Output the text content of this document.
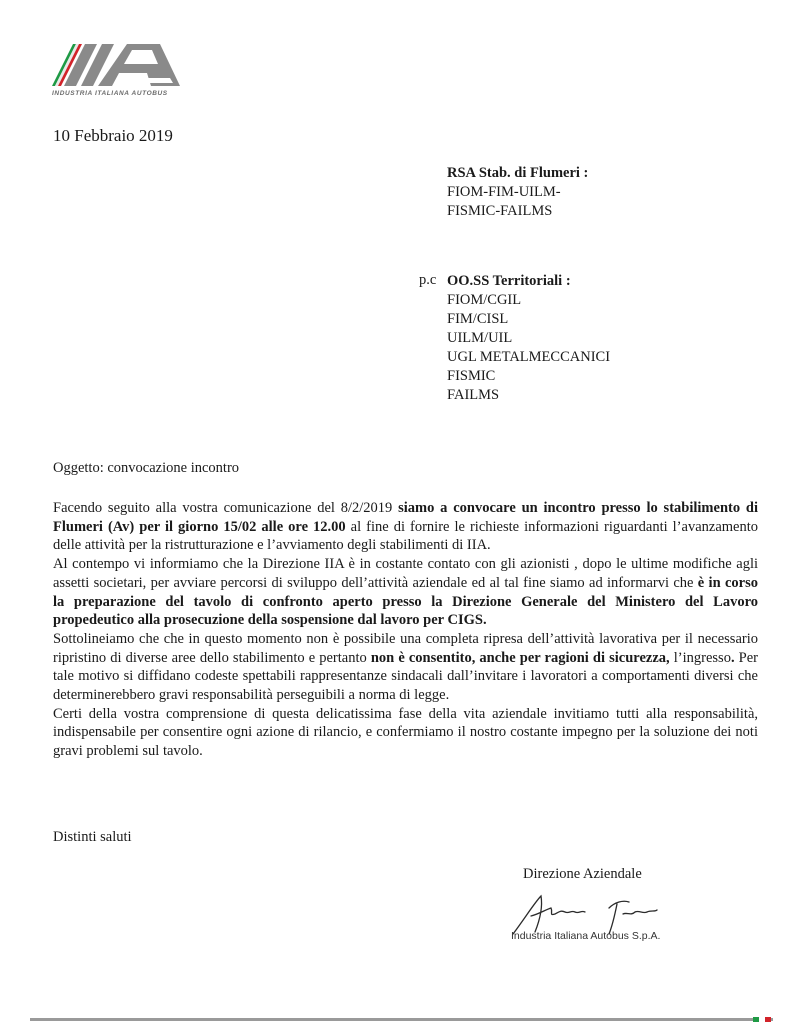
INDUSTRIA ITALIANA AUTOBUS
10 Febbraio 2019
RSA Stab. di Flumeri :
FIOM-FIM-UILM-
FISMIC-FAILMS
p.c OO.SS Territoriali :
FIOM/CGIL
FIM/CISL
UILM/UIL
UGL METALMECCANICI
FISMIC
FAILMS
Oggetto: convocazione incontro

Facendo seguito alla vostra comunicazione del 8/2/2019 siamo a convocare un incontro presso lo stabilimento di Flumeri (Av) per il giorno 15/02 alle ore 12.00 al fine di fornire le richieste informazioni riguardanti l’avanzamento delle attività per la ristrutturazione e l’avviamento degli stabilimenti di IIA.

Al contempo vi informiamo che la Direzione IIA è in costante contato con gli azionisti , dopo le ultime modifiche agli assetti societari, per avviare percorsi di sviluppo dell’attività aziendale ed al tal fine siamo ad informarvi che è in corso la preparazione del tavolo di confronto aperto presso la Direzione Generale del Ministero del Lavoro propedeutico alla prosecuzione della sospensione dal lavoro per CIGS.

Sottolineiamo che che in questo momento non è possibile una completa ripresa dell’attività lavorativa per il necessario ripristino di diverse aree dello stabilimento e pertanto non è consentito, anche per ragioni di sicurezza, l’ingresso. Per tale motivo si diffidano codeste spettabili rappresentanze sindacali dall’invitare i lavoratori a comportamenti diversi che determinerebbero gravi responsabilità perseguibili a norma di legge.

Certi della vostra comprensione di questa delicatissima fase della vita aziendale invitiamo tutti alla responsabilità, indispensabile per consentire ogni azione di rilancio, e confermiamo il nostro costante impegno per la soluzione dei noti gravi problemi sul tavolo.

Distinti saluti
Direzione Aziendale
Industria Italiana Autobus S.p.A.
